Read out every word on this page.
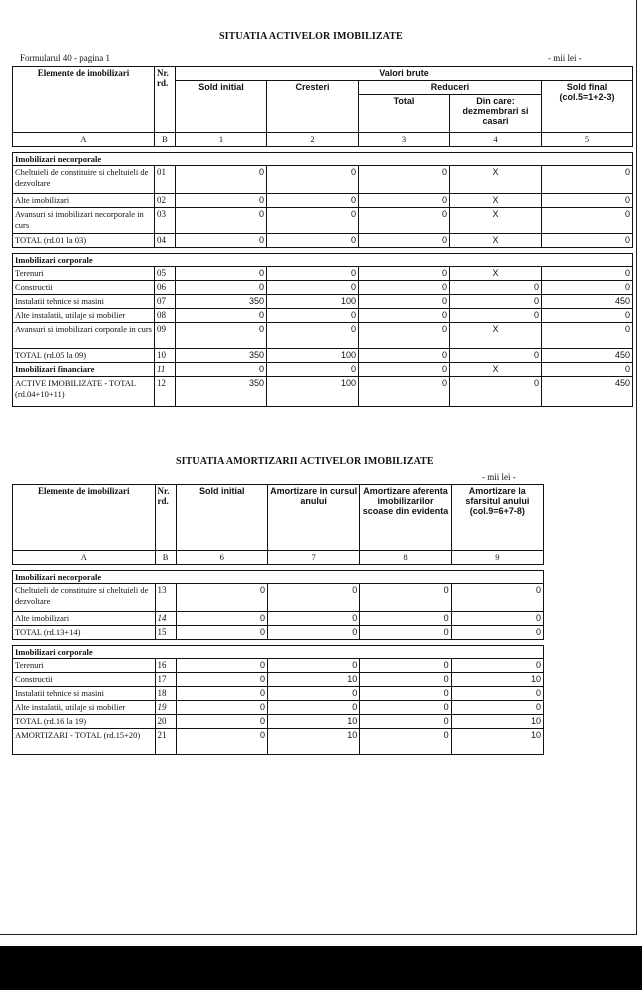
SITUATIA ACTIVELOR IMOBILIZATE
Formularul 40 - pagina 1	- mii lei -
Elemente de imobilizari	Nr. rd.	Valori brute				
		Sold initial	Cresteri	Reduceri		Sold final (col.5=1+2-3)
				Total	Din care: dezmembrari si casari	
A	B	1	2	3	4	5

Imobilizari necorporale						
Cheltuieli de constituire si cheltuieli de dezvoltare	01	0	0	0	X	0
Alte imobilizari	02	0	0	0	X	0
Avansuri si imobilizari necorporale in curs	03	0	0	0	X	0
TOTAL (rd.01 la 03)	04	0	0	0	X	0

Imobilizari corporale						
Terenuri	05	0	0	0	X	0
Constructii	06	0	0	0	0	0
Instalatii tehnice si masini	07	350	100	0	0	450
Alte instalatii, utilaje si mobilier	08	0	0	0	0	0
Avansuri si imobilizari corporale in curs	09	0	0	0	X	0
TOTAL (rd.05 la 09)	10	350	100	0	0	450
Imobilizari financiare	11	0	0	0	X	0
ACTIVE IMOBILIZATE - TOTAL (rd.04+10+11)	12	350	100	0	0	450
SITUATIA AMORTIZARII ACTIVELOR IMOBILIZATE
- mii lei -
Elemente de imobilizari	Nr. rd.	Sold initial	Amortizare in cursul anului	Amortizare aferenta imobilizarilor scoase din evidenta	Amortizare la sfarsitul anului (col.9=6+7-8)
A	B	6	7	8	9

Imobilizari necorporale					
Cheltuieli de constituire si cheltuieli de dezvoltare	13	0	0	0	0
Alte imobilizari	14	0	0	0	0
TOTAL (rd.13+14)	15	0	0	0	0

Imobilizari corporale					
Terenuri	16	0	0	0	0
Constructii	17	0	10	0	10
Instalatii tehnice si masini	18	0	0	0	0
Alte instalatii, utilaje si mobilier	19	0	0	0	0
TOTAL (rd.16 la 19)	20	0	10	0	10
AMORTIZARI - TOTAL (rd.15+20)	21	0	10	0	10
